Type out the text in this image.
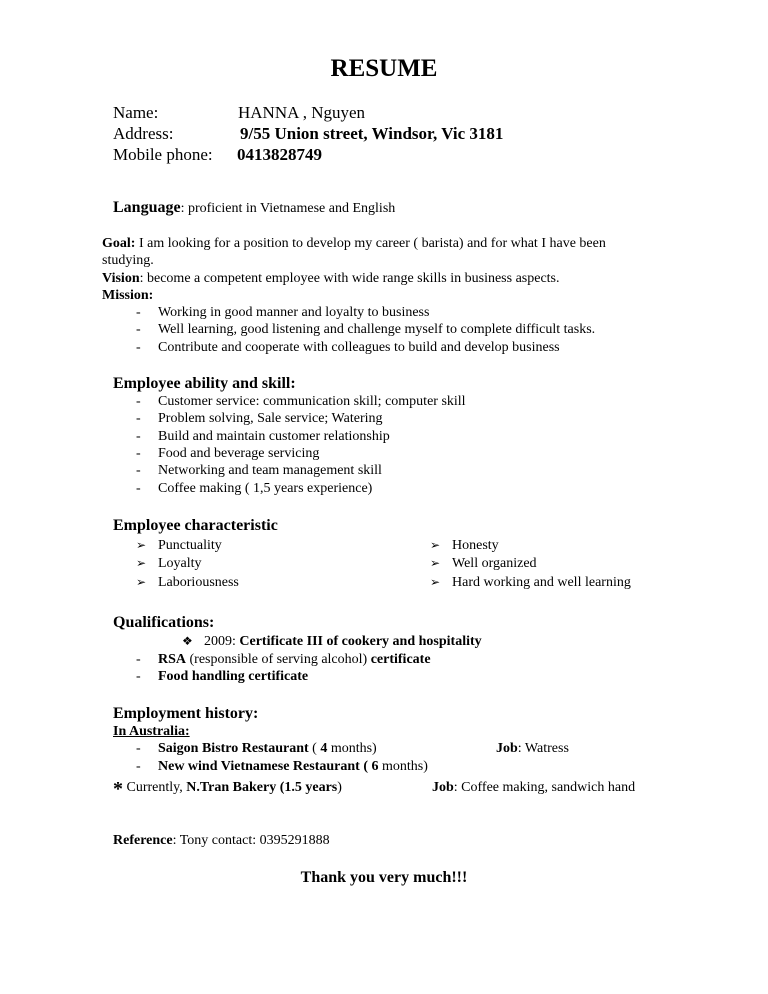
RESUME
Name:	HANNA , Nguyen
Address:	9/55 Union street, Windsor, Vic 3181
Mobile phone: 0413828749
Language: proficient in Vietnamese and English
Goal: I am looking for a position to develop my career ( barista) and for what I have been
studying.
Vision: become a competent employee with wide range skills in business aspects.
Mission:
- Working in good manner and loyalty to business
- Well learning, good listening and challenge myself to complete difficult tasks.
- Contribute and cooperate with colleagues to build and develop business
Employee ability and skill:
- Customer service: communication skill; computer skill
- Problem solving, Sale service; Watering
- Build and maintain customer relationship
- Food and beverage servicing
- Networking and team management skill
- Coffee making ( 1,5 years experience)
Employee characteristic
➢ Punctuality
➢ Loyalty
➢ Laboriousness
➢ Honesty
➢ Well organized
➢ Hard working and well learning
Qualifications:
❖ 2009: Certificate III of cookery and hospitality
- RSA (responsible of serving alcohol) certificate
- Food handling certificate
Employment history:
In Australia:
- Saigon Bistro Restaurant ( 4 months)	Job: Watress
- New wind Vietnamese Restaurant ( 6 months)
* Currently, N.Tran Bakery (1.5 years)	Job: Coffee making, sandwich hand
Reference: Tony contact: 0395291888
Thank you very much!!!
